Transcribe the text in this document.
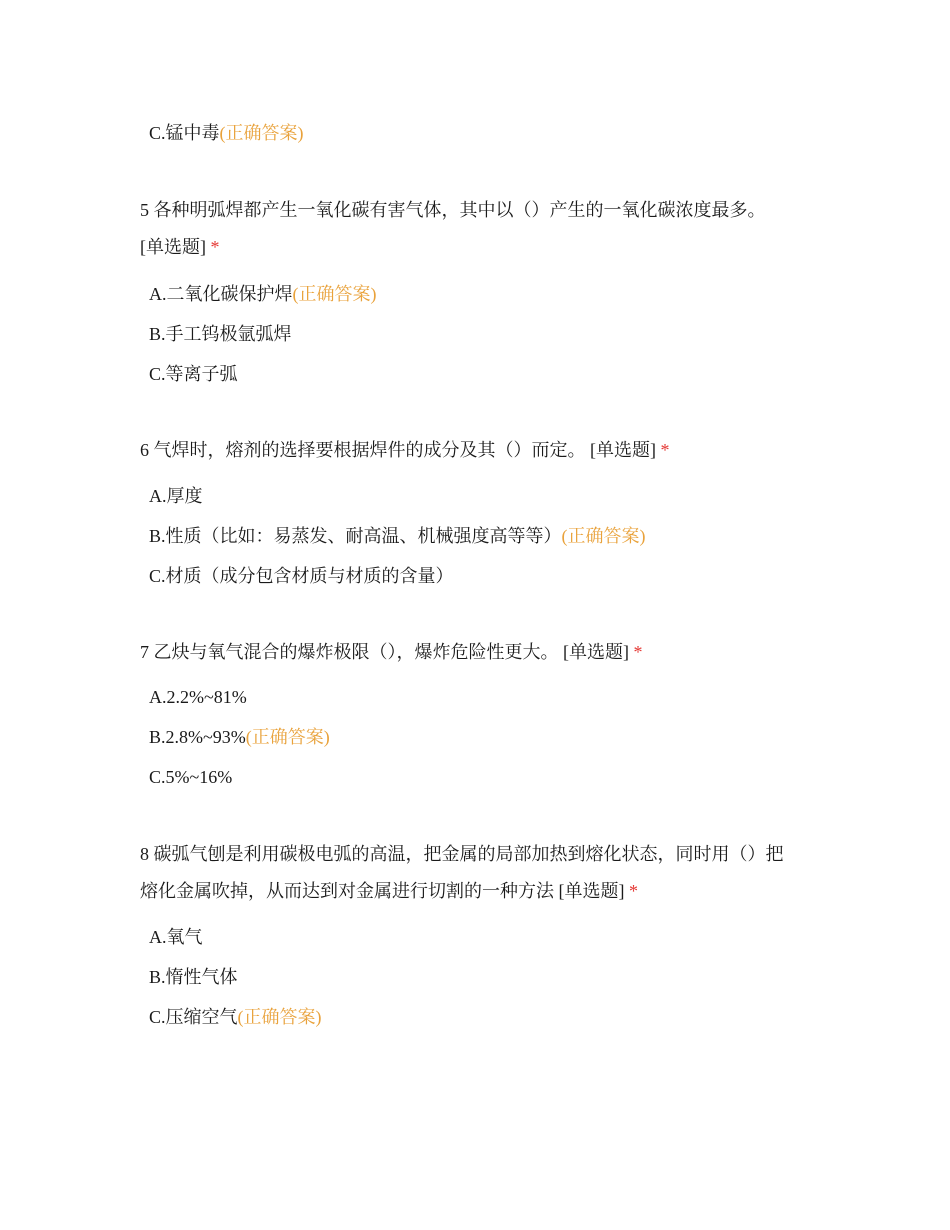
C.锰中毒(正确答案)
5 各种明弧焊都产生一氧化碳有害气体，其中以（）产生的一氧化碳浓度最多。
[单选题] *
A.二氧化碳保护焊(正确答案)
B.手工钨极氩弧焊
C.等离子弧
6 气焊时，熔剂的选择要根据焊件的成分及其（）而定。 [单选题] *
A.厚度
B.性质（比如：易蒸发、耐高温、机械强度高等等）(正确答案)
C.材质（成分包含材质与材质的含量）
7 乙炔与氧气混合的爆炸极限（），爆炸危险性更大。 [单选题] *
A.2.2%~81%
B.2.8%~93%(正确答案)
C.5%~16%
8 碳弧气刨是利用碳极电弧的高温，把金属的局部加热到熔化状态，同时用（）把
熔化金属吹掉，从而达到对金属进行切割的一种方法 [单选题] *
A.氧气
B.惰性气体
C.压缩空气(正确答案)
